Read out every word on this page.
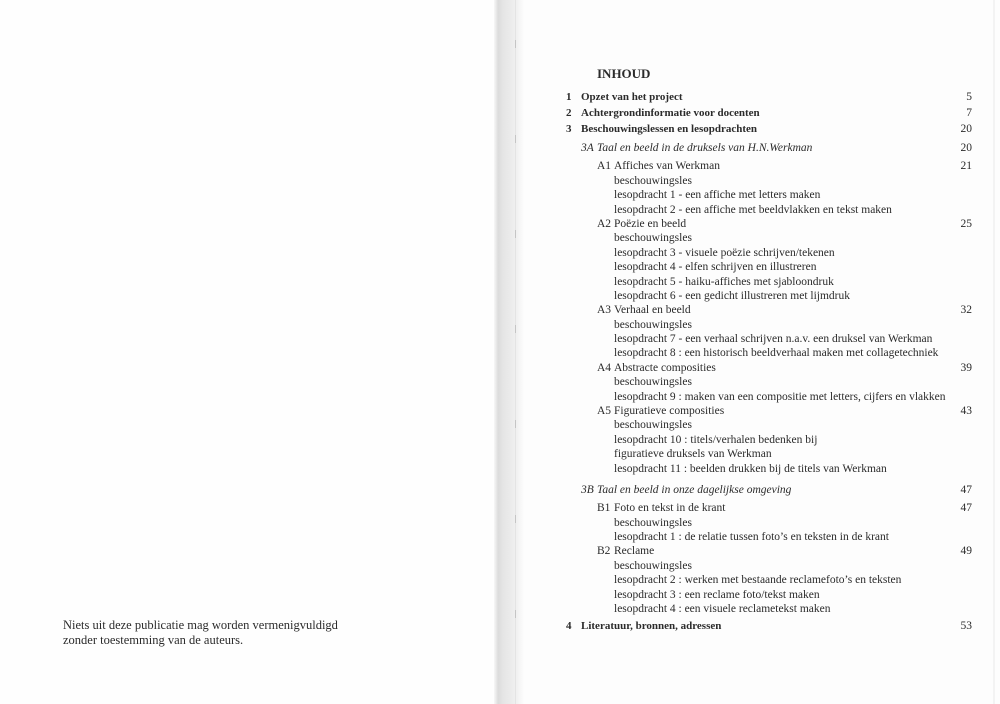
Niets uit deze publicatie mag worden vermenigvuldigd
zonder toestemming van de auteurs.
INHOUD
1 Opzet van het project	5
2 Achtergrondinformatie voor docenten	7
3 Beschouwingslessen en lesopdrachten	20
3A Taal en beeld in de druksels van H.N.Werkman	20
A1 Affiches van Werkman	21
beschouwingsles
lesopdracht 1 - een affiche met letters maken
lesopdracht 2 - een affiche met beeldvlakken en tekst maken
A2 Poëzie en beeld	25
beschouwingsles
lesopdracht 3 - visuele poëzie schrijven/tekenen
lesopdracht 4 - elfen schrijven en illustreren
lesopdracht 5 - haiku-affiches met sjabloondruk
lesopdracht 6 - een gedicht illustreren met lijmdruk
A3 Verhaal en beeld	32
beschouwingsles
lesopdracht 7 - een verhaal schrijven n.a.v. een druksel van Werkman
lesopdracht 8 : een historisch beeldverhaal maken met collagetechniek
A4 Abstracte composities	39
beschouwingsles
lesopdracht 9 : maken van een compositie met letters, cijfers en vlakken
A5 Figuratieve composities	43
beschouwingsles
lesopdracht 10 : titels/verhalen bedenken bij
figuratieve druksels van Werkman
lesopdracht 11 : beelden drukken bij de titels van Werkman
3B Taal en beeld in onze dagelijkse omgeving	47
B1 Foto en tekst in de krant	47
beschouwingsles
lesopdracht 1 : de relatie tussen foto’s en teksten in de krant
B2 Reclame	49
beschouwingsles
lesopdracht 2 : werken met bestaande reclamefoto’s en teksten
lesopdracht 3 : een reclame foto/tekst maken
lesopdracht 4 : een visuele reclametekst maken
4 Literatuur, bronnen, adressen	53
